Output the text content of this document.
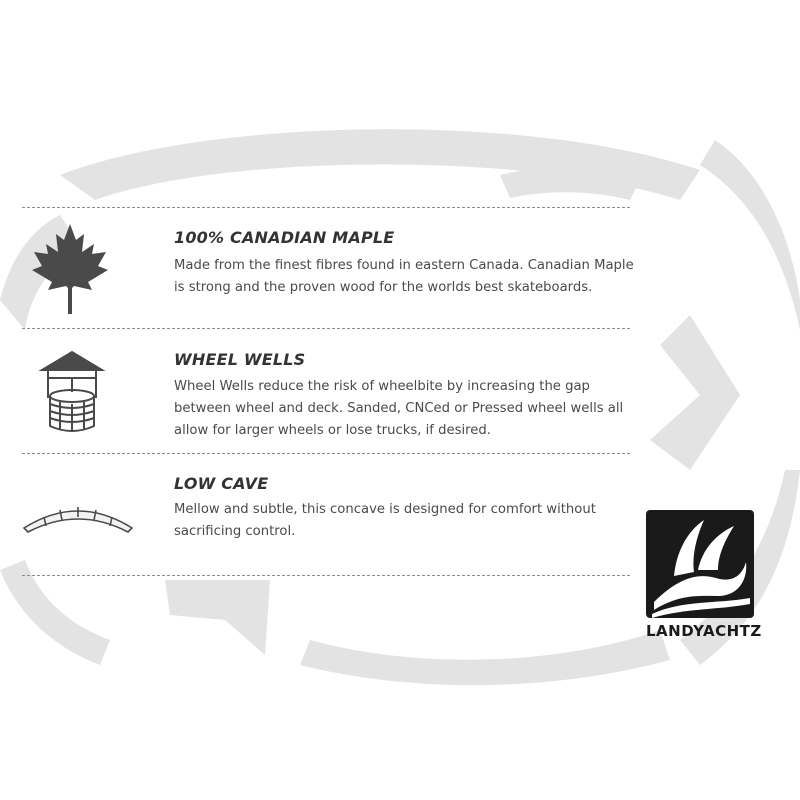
100% CANADIAN MAPLE

Made from the finest fibres found in eastern Canada. Canadian Maple is strong and the proven wood for the worlds best skateboards.

WHEEL WELLS

Wheel Wells reduce the risk of wheelbite by increasing the gap between wheel and deck. Sanded, CNCed or Pressed wheel wells all allow for larger wheels or lose trucks, if desired.

LOW CAVE

Mellow and subtle, this concave is designed for comfort without sacrificing control.

LANDYACHTZ
